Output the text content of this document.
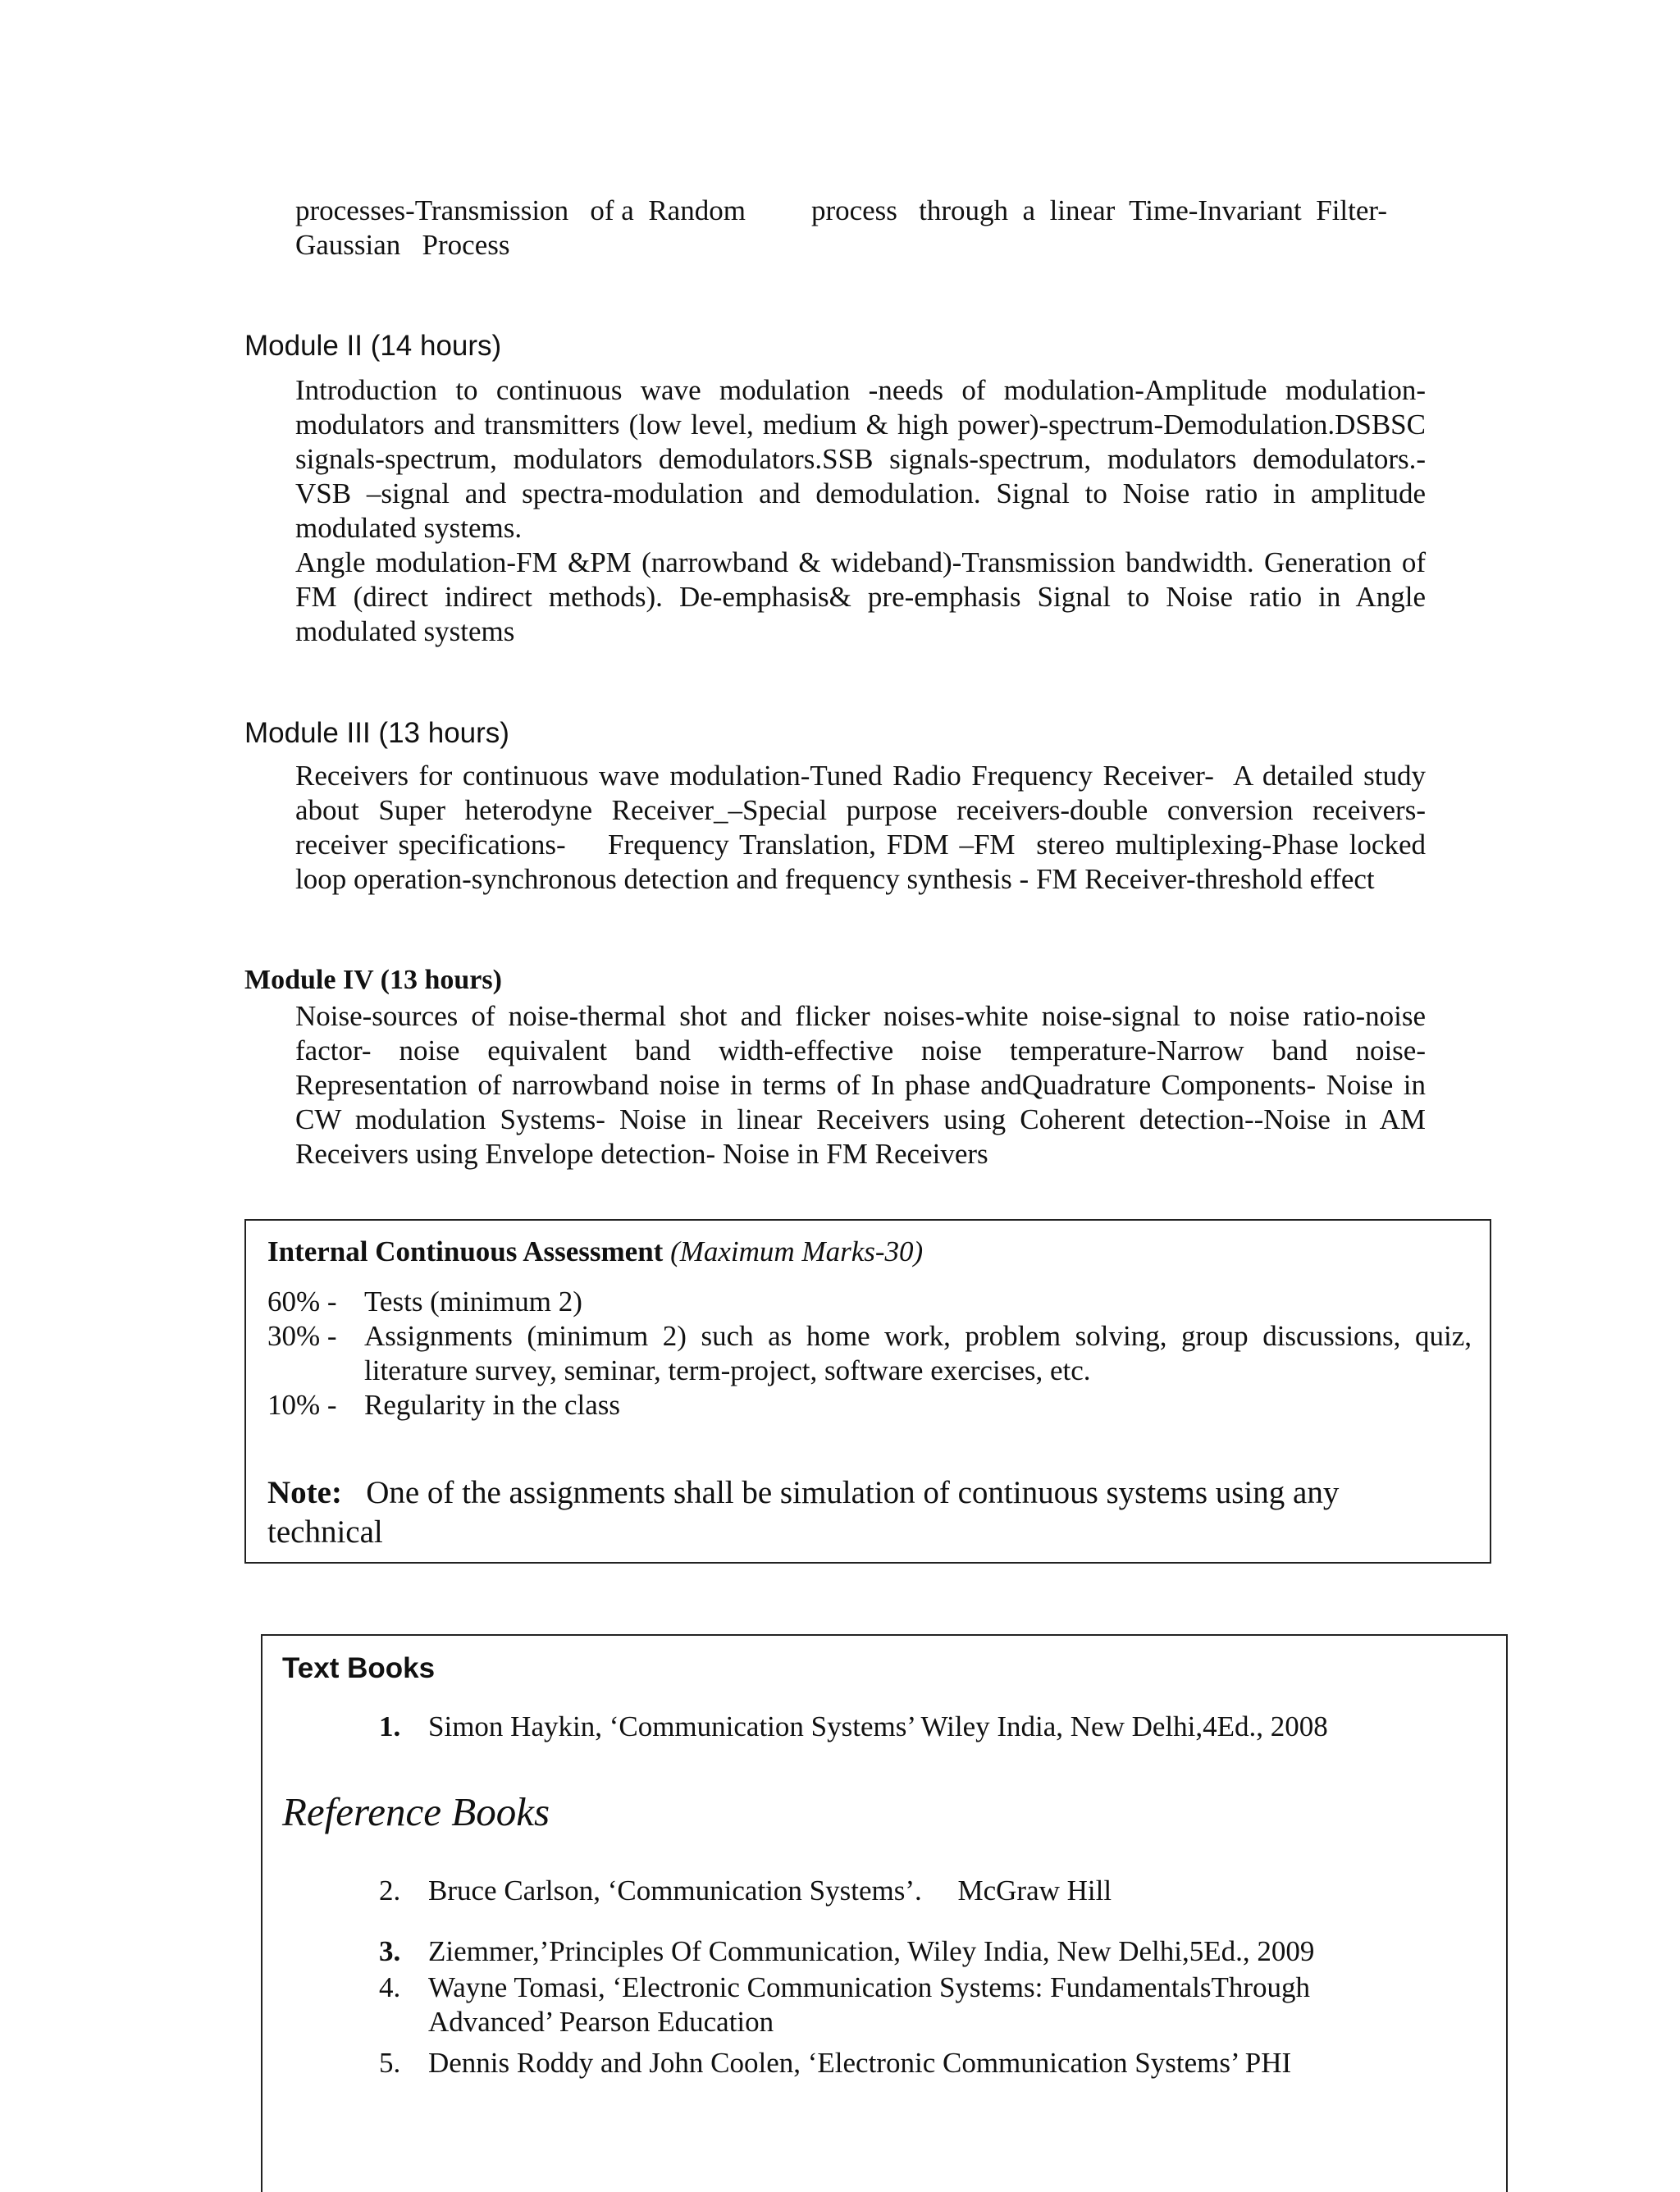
processes-Transmission   of a  Random process   through  a  linear  Time-Invariant  Filter-
Gaussian   Process
Module II (14 hours)

Introduction to continuous wave modulation -needs of modulation-Amplitude modulation-modulators and transmitters (low level, medium & high power)-spectrum-Demodulation.DSBSC signals-spectrum, modulators demodulators.SSB signals-spectrum, modulators demodulators.-VSB –signal and spectra-modulation and demodulation. Signal to Noise ratio in amplitude modulated systems.

Angle modulation-FM &PM (narrowband & wideband)-Transmission bandwidth. Generation of FM (direct indirect methods). De-emphasis& pre-emphasis Signal to Noise ratio in Angle modulated systems

Module III (13 hours)

Receivers for continuous wave modulation-Tuned Radio Frequency Receiver-  A detailed study about Super heterodyne Receiver_–Special purpose receivers-double conversion receivers-receiver specifications-    Frequency Translation, FDM –FM  stereo multiplexing-Phase locked loop operation-synchronous detection and frequency synthesis - FM Receiver-threshold effect

Module IV (13 hours)

Noise-sources of noise-thermal shot and flicker noises-white noise-signal to noise ratio-noise factor- noise equivalent band width-effective noise temperature-Narrow band noise-Representation of narrowband noise in terms of In phase andQuadrature Components- Noise in CW modulation Systems- Noise in linear Receivers using Coherent detection--Noise in AM Receivers using Envelope detection- Noise in FM Receivers

Internal Continuous Assessment (Maximum Marks-30)
60% - Tests (minimum 2)
30% - Assignments (minimum 2) such as home work, problem solving, group discussions, quiz, literature survey, seminar, term-project, software exercises, etc.
10% - Regularity in the class
Note: One of the assignments shall be simulation of continuous systems using any technical
Text Books
1. Simon Haykin, ‘Communication Systems’ Wiley India, New Delhi,4Ed., 2008
Reference Books
2. Bruce Carlson, ‘Communication Systems’.     McGraw Hill
3. Ziemmer,’Principles Of Communication, Wiley India, New Delhi,5Ed., 2009
4. Wayne Tomasi, ‘Electronic Communication Systems: FundamentalsThrough Advanced’ Pearson Education
5. Dennis Roddy and John Coolen, ‘Electronic Communication Systems’ PHI
